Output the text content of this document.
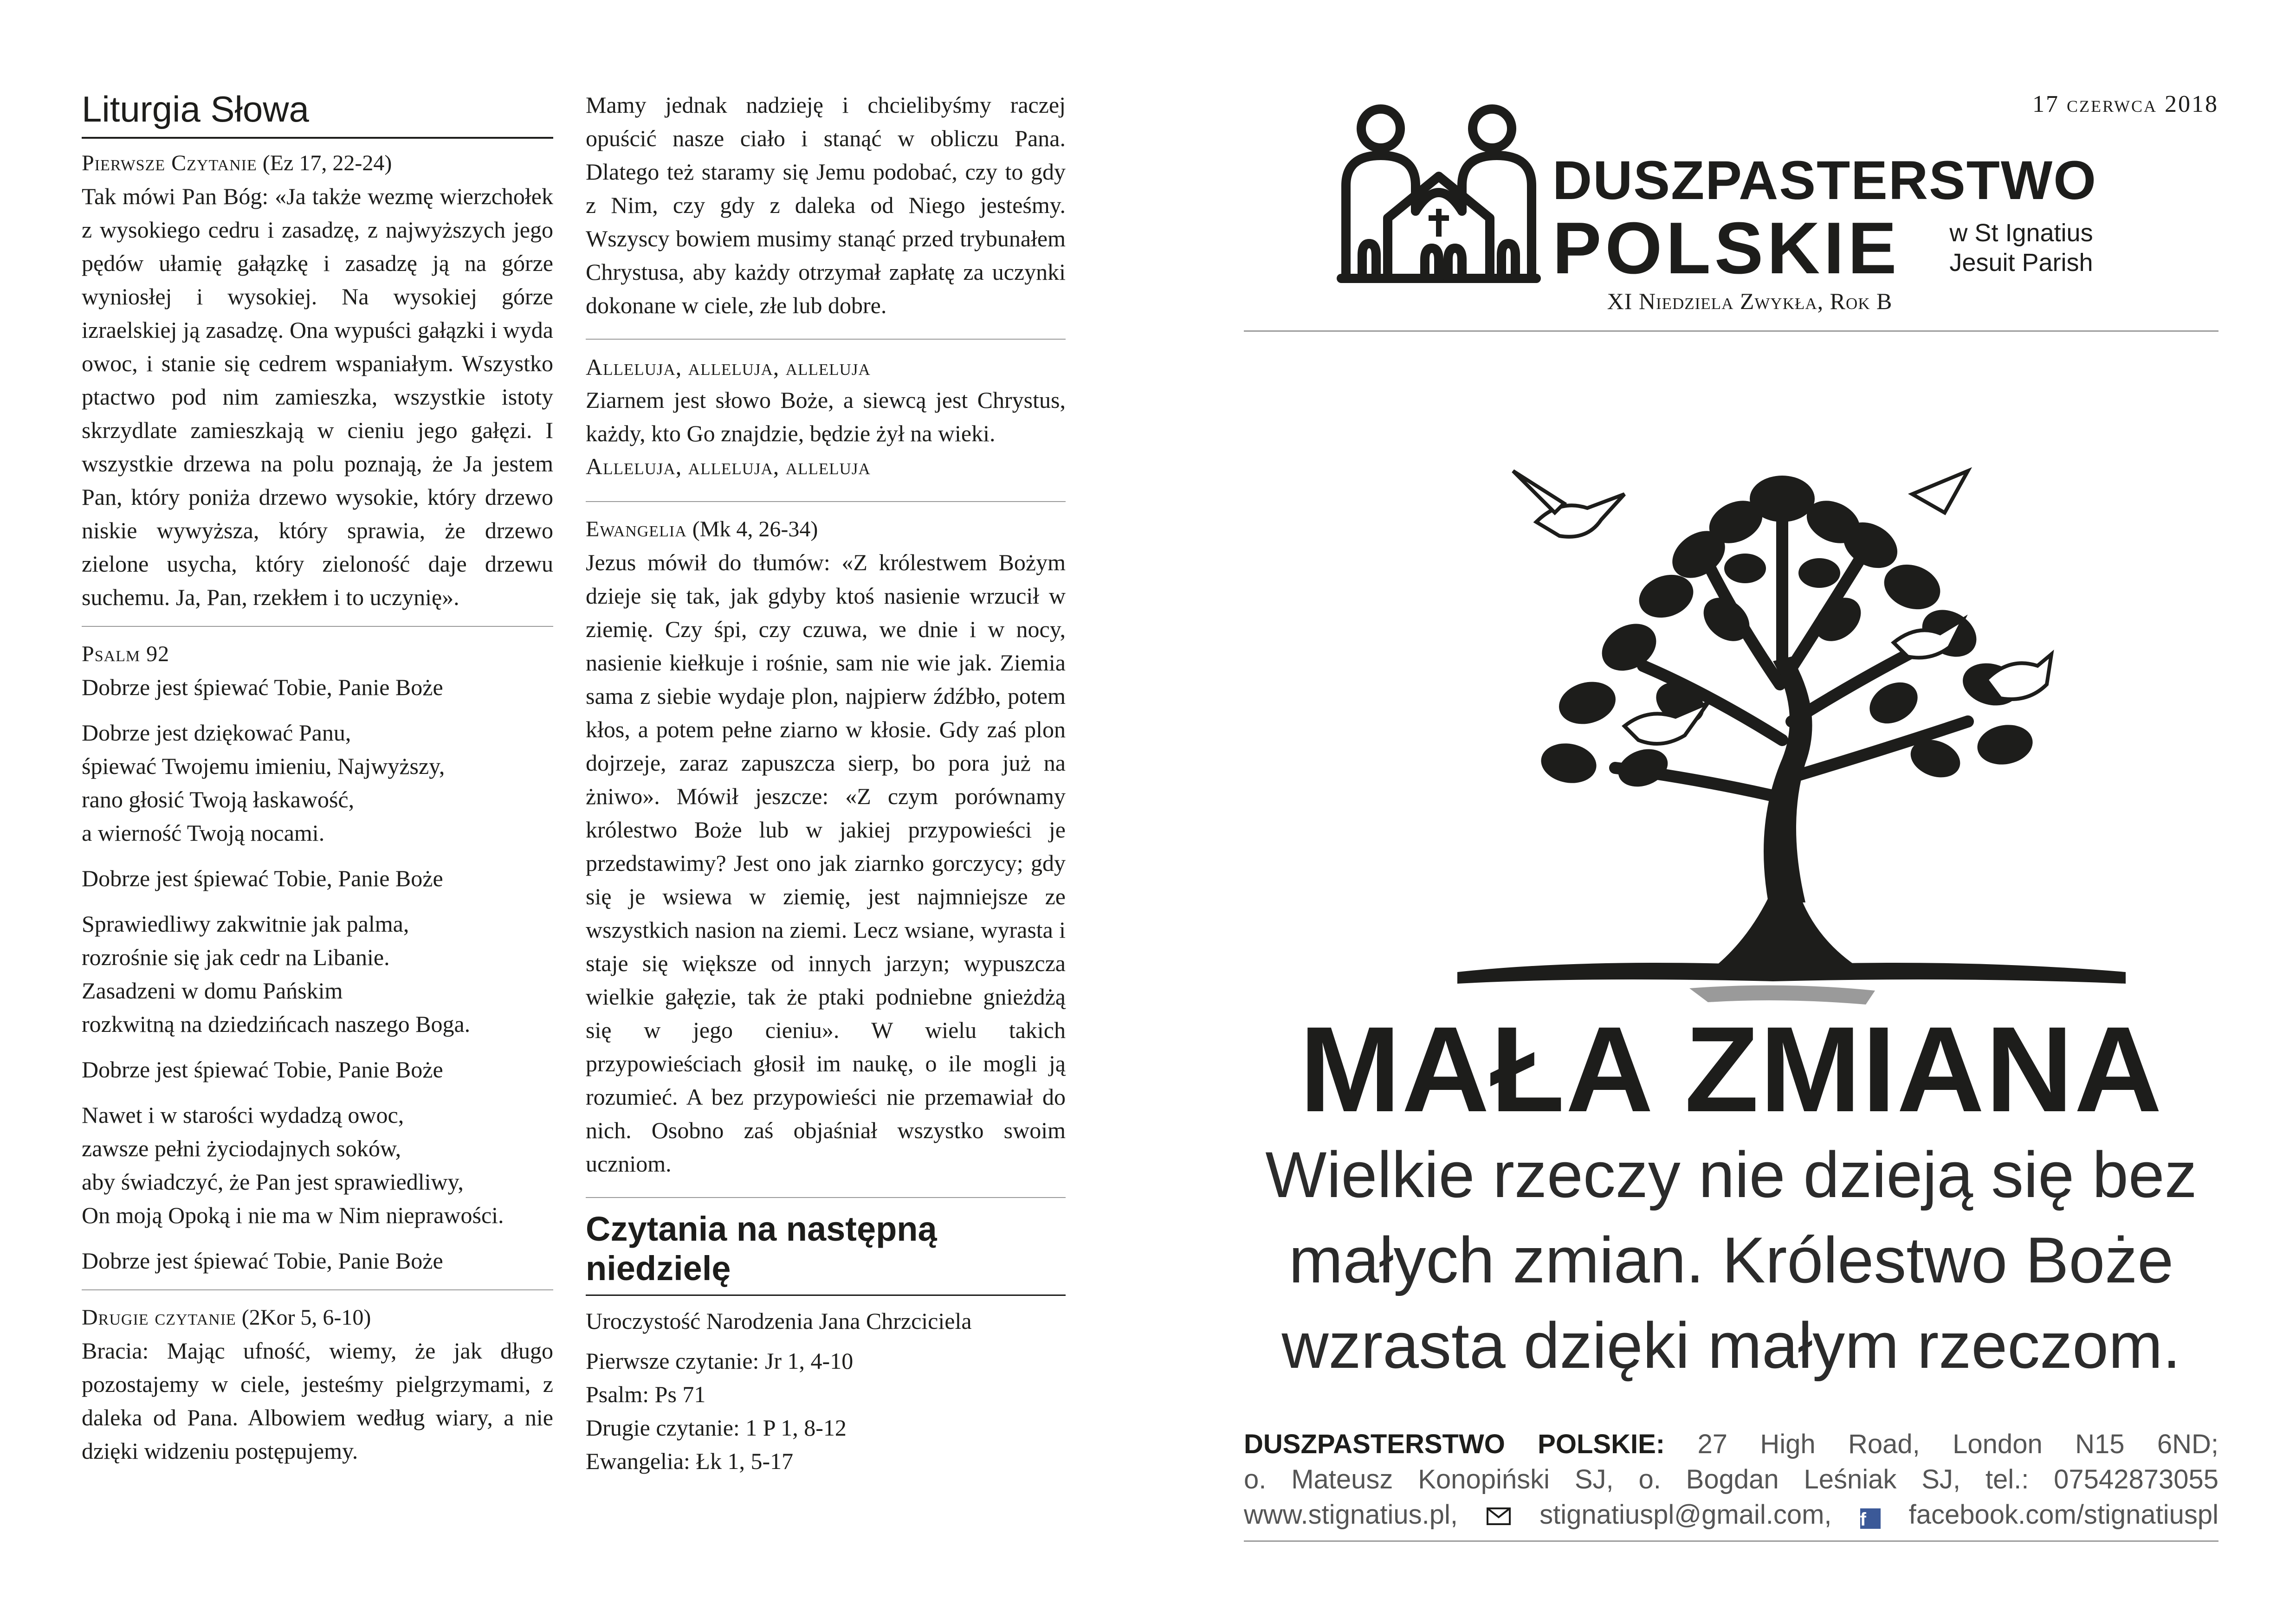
Liturgia Słowa

Pierwsze Czytanie (Ez 17, 22-24)

Tak mówi Pan Bóg: «Ja także wezmę wierzchołek z wysokiego cedru i zasadzę, z najwyższych jego pędów ułamię gałązkę i zasadzę ją na górze wyniosłej i wysokiej. Na wysokiej górze izraelskiej ją zasadzę. Ona wypuści gałązki i wyda owoc, i stanie się cedrem wspaniałym. Wszystko ptactwo pod nim zamieszka, wszystkie istoty skrzydlate zamieszkają w cieniu jego gałęzi. I wszystkie drzewa na polu poznają, że Ja jestem Pan, który poniża drzewo wysokie, który drzewo niskie wywyższa, który sprawia, że drzewo zielone usycha, który zieloność daje drzewu suchemu. Ja, Pan, rzekłem i to uczynię».

Psalm 92

Dobrze jest śpiewać Tobie, Panie Boże

Dobrze jest dziękować Panu,

śpiewać Twojemu imieniu, Najwyższy,

rano głosić Twoją łaskawość,

a wierność Twoją nocami.

Dobrze jest śpiewać Tobie, Panie Boże

Sprawiedliwy zakwitnie jak palma,

rozrośnie się jak cedr na Libanie.

Zasadzeni w domu Pańskim

rozkwitną na dziedzińcach naszego Boga.

Dobrze jest śpiewać Tobie, Panie Boże

Nawet i w starości wydadzą owoc,

zawsze pełni życiodajnych soków,

aby świadczyć, że Pan jest sprawiedliwy,

On moją Opoką i nie ma w Nim nieprawości.

Dobrze jest śpiewać Tobie, Panie Boże

Drugie czytanie (2Kor 5, 6-10)

Bracia: Mając ufność, wiemy, że jak długo pozostajemy w ciele, jesteśmy pielgrzymami, z daleka od Pana. Albowiem według wiary, a nie dzięki widzeniu postępujemy.

Mamy jednak nadzieję i chcielibyśmy raczej opuścić nasze ciało i stanąć w obliczu Pana. Dlatego też staramy się Jemu podobać, czy to gdy z Nim, czy gdy z daleka od Niego jesteśmy. Wszyscy bowiem musimy stanąć przed trybunałem Chrystusa, aby każdy otrzymał zapłatę za uczynki dokonane w ciele, złe lub dobre.

Alleluja, alleluja, alleluja

Ziarnem jest słowo Boże, a siewcą jest Chrystus, każdy, kto Go znajdzie, będzie żył na wieki.

Alleluja, alleluja, alleluja

Ewangelia (Mk 4, 26-34)

Jezus mówił do tłumów: «Z królestwem Bożym dzieje się tak, jak gdyby ktoś nasienie wrzucił w ziemię. Czy śpi, czy czuwa, we dnie i w nocy, nasienie kiełkuje i rośnie, sam nie wie jak. Ziemia sama z siebie wydaje plon, najpierw źdźbło, potem kłos, a potem pełne ziarno w kłosie. Gdy zaś plon dojrzeje, zaraz zapuszcza sierp, bo pora już na żniwo». Mówił jeszcze: «Z czym porównamy królestwo Boże lub w jakiej przypowieści je przedstawimy? Jest ono jak ziarnko gorczycy; gdy się je wsiewa w ziemię, jest najmniejsze ze wszystkich nasion na ziemi. Lecz wsiane, wyrasta i staje się większe od innych jarzyn; wypuszcza wielkie gałęzie, tak że ptaki podniebne gnieżdżą się w jego cieniu». W wielu takich przypowieściach głosił im naukę, o ile mogli ją rozumieć. A bez przypowieści nie przemawiał do nich. Osobno zaś objaśniał wszystko swoim uczniom.

Czytania na następną niedzielę

Uroczystość Narodzenia Jana Chrzciciela

Pierwsze czytanie: Jr 1, 4-10

Psalm: Ps 71

Drugie czytanie: 1 P 1, 8-12

Ewangelia: Łk 1, 5-17

17 czerwca 2018
DUSZPASTERSTWO
POLSKIE	w St Ignatius
Jesuit Parish
XI Niedziela Zwykła, Rok B
MAŁA ZMIANA
Wielkie rzeczy nie dzieją się bez małych zmian. Królestwo Boże wzrasta dzięki małym rzeczom.
DUSZPASTERSTWO POLSKIE: 27 High Road, London N15 6ND;
o. Mateusz Konopiński SJ, o. Bogdan Leśniak SJ, tel.: 07542873055
www.stignatius.pl,	stignatiuspl@gmail.com, f facebook.com/stignatiuspl
